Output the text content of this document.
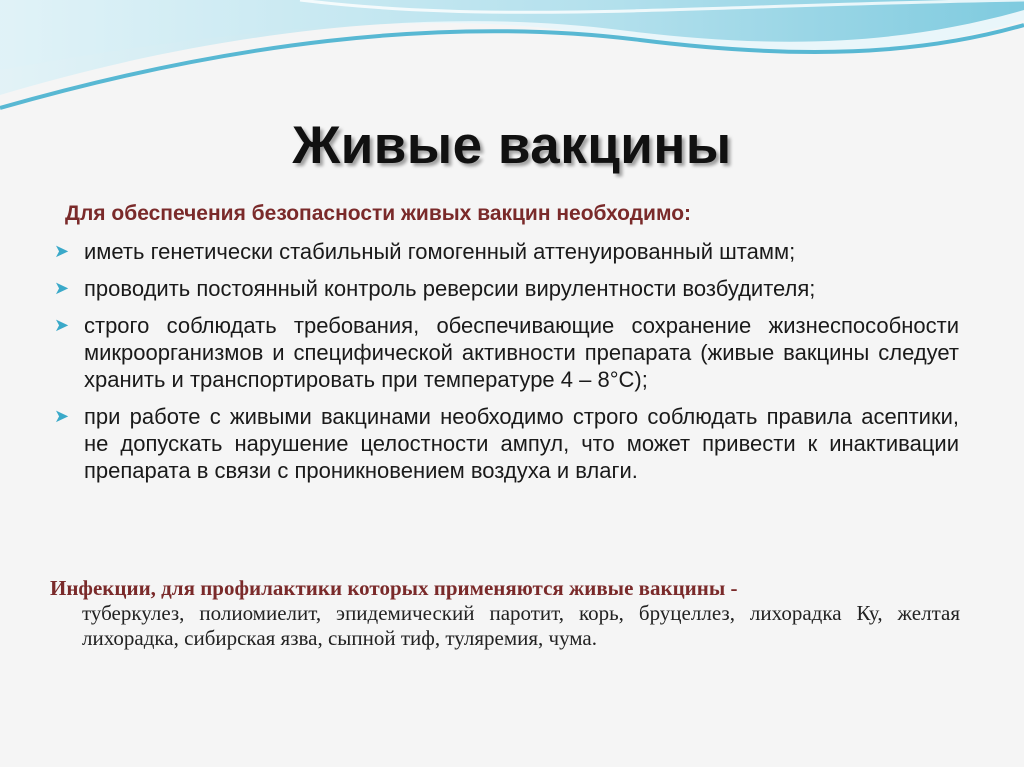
Живые вакцины
Для обеспечения безопасности живых вакцин необходимо:
➤ иметь генетически стабильный гомогенный аттенуированный штамм;
➤ проводить постоянный контроль реверсии вирулентности возбудителя;
➤ строго соблюдать требования, обеспечивающие сохранение жизнеспособности микроорганизмов и специфической активности препарата (живые вакцины следует хранить и транспортировать при температуре 4 – 8°С);
➤ при работе с живыми вакцинами необходимо строго соблюдать правила асептики, не допускать нарушение целостности ампул, что может привести к инактивации препарата в связи с проникновением воздуха и влаги.
Инфекции, для профилактики которых применяются живые вакцины -
туберкулез, полиомиелит, эпидемический паротит, корь, бруцеллез, лихорадка Ку, желтая лихорадка, сибирская язва, сыпной тиф, туляремия, чума.
